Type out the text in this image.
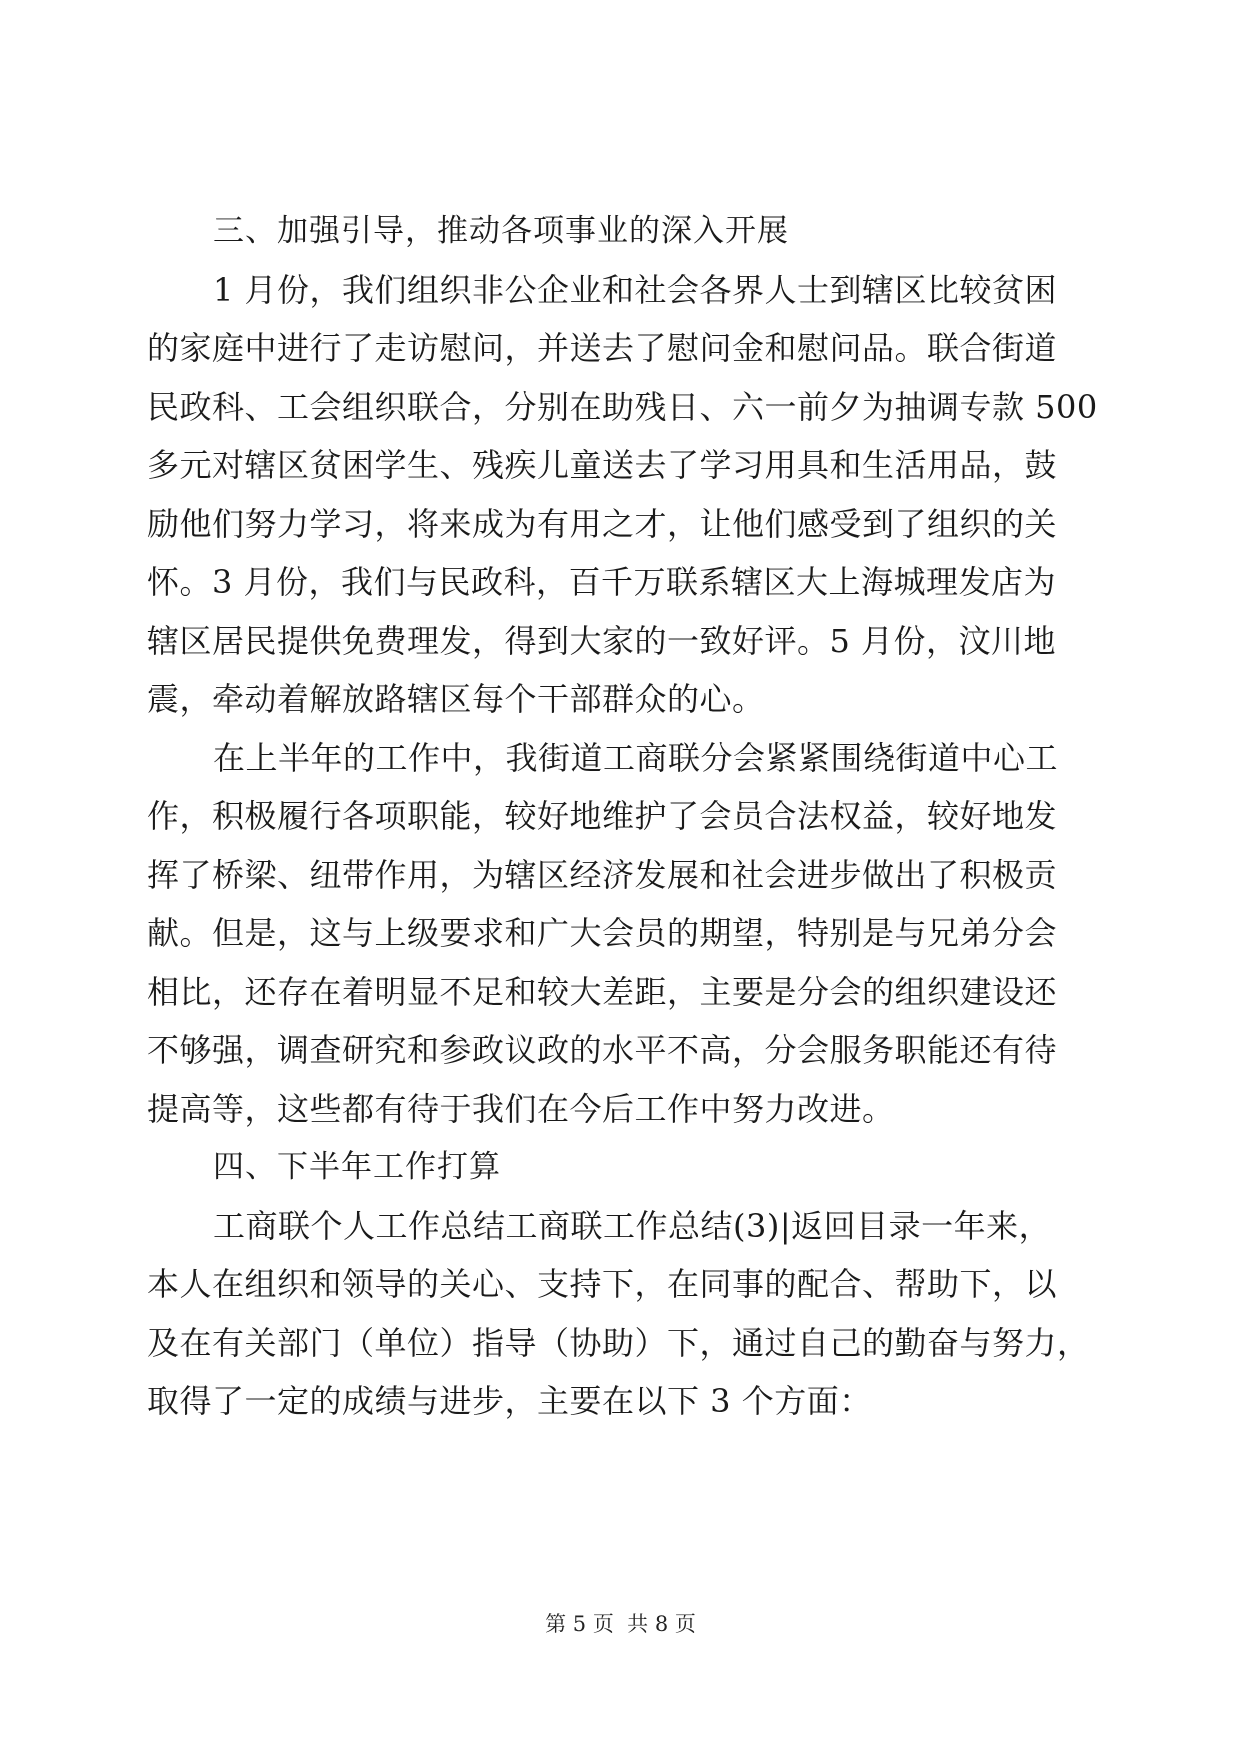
三、加强引导，推动各项事业的深入开展
1 月份，我们组织非公企业和社会各界人士到辖区比较贫困
的家庭中进行了走访慰问，并送去了慰问金和慰问品。联合街道
民政科、工会组织联合，分别在助残日、六一前夕为抽调专款 500
多元对辖区贫困学生、残疾儿童送去了学习用具和生活用品，鼓
励他们努力学习，将来成为有用之才，让他们感受到了组织的关
怀。3 月份，我们与民政科，百千万联系辖区大上海城理发店为
辖区居民提供免费理发，得到大家的一致好评。5 月份，汶川地
震，牵动着解放路辖区每个干部群众的心。
在上半年的工作中，我街道工商联分会紧紧围绕街道中心工
作，积极履行各项职能，较好地维护了会员合法权益，较好地发
挥了桥梁、纽带作用，为辖区经济发展和社会进步做出了积极贡
献。但是，这与上级要求和广大会员的期望，特别是与兄弟分会
相比，还存在着明显不足和较大差距，主要是分会的组织建设还
不够强，调查研究和参政议政的水平不高，分会服务职能还有待
提高等，这些都有待于我们在今后工作中努力改进。
四、下半年工作打算
工商联个人工作总结工商联工作总结(3)|返回目录一年来，
本人在组织和领导的关心、支持下，在同事的配合、帮助下，以
及在有关部门（单位）指导（协助）下，通过自己的勤奋与努力，
取得了一定的成绩与进步，主要在以下 3 个方面：
第 5 页  共 8 页
